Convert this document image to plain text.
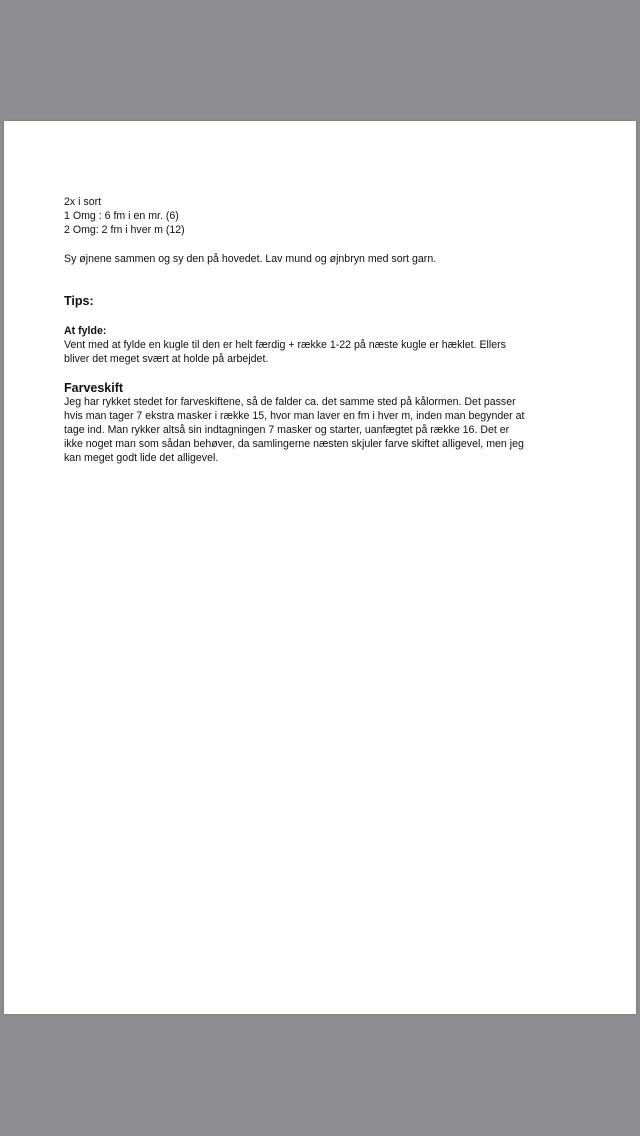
2x i sort
1 Omg : 6 fm i en mr. (6)
2 Omg: 2 fm i hver m (12)
Sy øjnene sammen og sy den på hovedet. Lav mund og øjnbryn med sort garn.
Tips:
At fylde:
Vent med at fylde en kugle til den er helt færdig + række 1-22 på næste kugle er hæklet. Ellers
bliver det meget svært at holde på arbejdet.
Farveskift
Jeg har rykket stedet for farveskiftene, så de falder ca. det samme sted på kålormen. Det passer
hvis man tager 7 ekstra masker i række 15, hvor man laver en fm i hver m, inden man begynder at
tage ind. Man rykker altså sin indtagningen 7 masker og starter, uanfægtet på række 16. Det er
ikke noget man som sådan behøver, da samlingerne næsten skjuler farve skiftet alligevel, men jeg
kan meget godt lide det alligevel.
